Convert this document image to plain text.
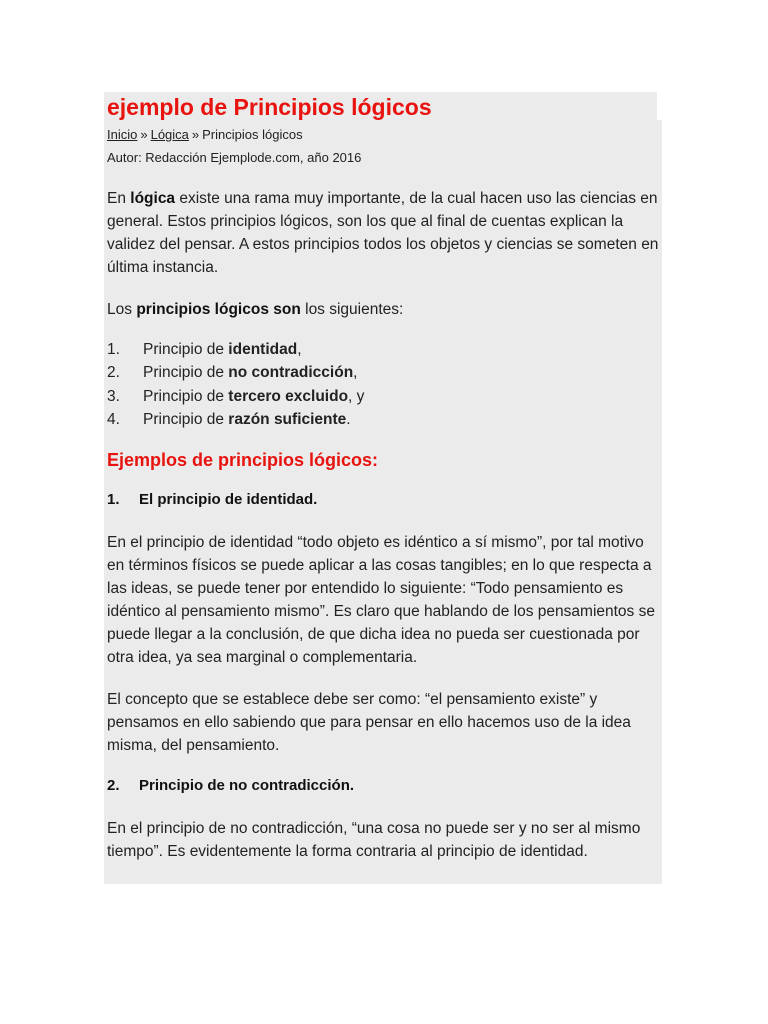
ejemplo de Principios lógicos
Inicio » Lógica » Principios lógicos
Autor: Redacción Ejemplode.com, año 2016

En lógica existe una rama muy importante, de la cual hacen uso las ciencias en general. Estos principios lógicos, son los que al final de cuentas explican la validez del pensar. A estos principios todos los objetos y ciencias se someten en última instancia.

Los principios lógicos son los siguientes:

1. Principio de identidad,
2. Principio de no contradicción,
3. Principio de tercero excluido, y
4. Principio de razón suficiente.
Ejemplos de principios lógicos:
1. El principio de identidad.

En el principio de identidad “todo objeto es idéntico a sí mismo”, por tal motivo en términos físicos se puede aplicar a las cosas tangibles; en lo que respecta a las ideas, se puede tener por entendido lo siguiente: “Todo pensamiento es idéntico al pensamiento mismo”. Es claro que hablando de los pensamientos se puede llegar a la conclusión, de que dicha idea no pueda ser cuestionada por otra idea, ya sea marginal o complementaria.

El concepto que se establece debe ser como: “el pensamiento existe” y pensamos en ello sabiendo que para pensar en ello hacemos uso de la idea misma, del pensamiento.

2. Principio de no contradicción.

En el principio de no contradicción, “una cosa no puede ser y no ser al mismo tiempo”. Es evidentemente la forma contraria al principio de identidad.
